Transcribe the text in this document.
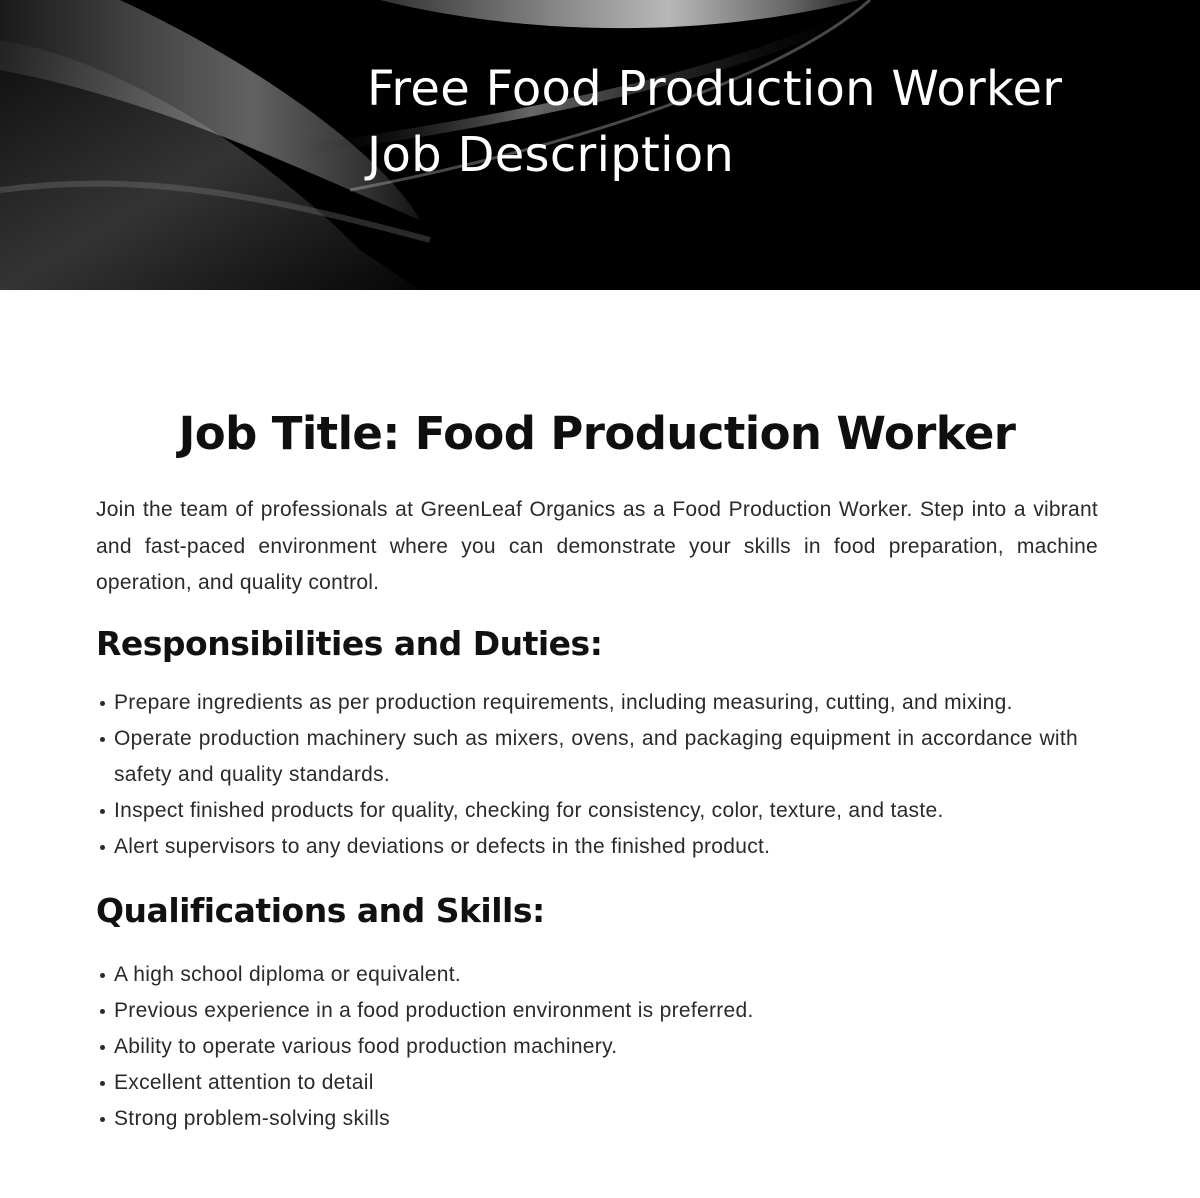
Free Food Production Worker
Job Description
Job Title: Food Production Worker

Join the team of professionals at GreenLeaf Organics as a Food Production Worker. Step into a vibrant and fast-paced environment where you can demonstrate your skills in food preparation, machine operation, and quality control.

Responsibilities and Duties:
Prepare ingredients as per production requirements, including measuring, cutting, and mixing.
Operate production machinery such as mixers, ovens, and packaging equipment in accordance with safety and quality standards.
Inspect finished products for quality, checking for consistency, color, texture, and taste.
Alert supervisors to any deviations or defects in the finished product.
Qualifications and Skills:
A high school diploma or equivalent.
Previous experience in a food production environment is preferred.
Ability to operate various food production machinery.
Excellent attention to detail
Strong problem-solving skills
